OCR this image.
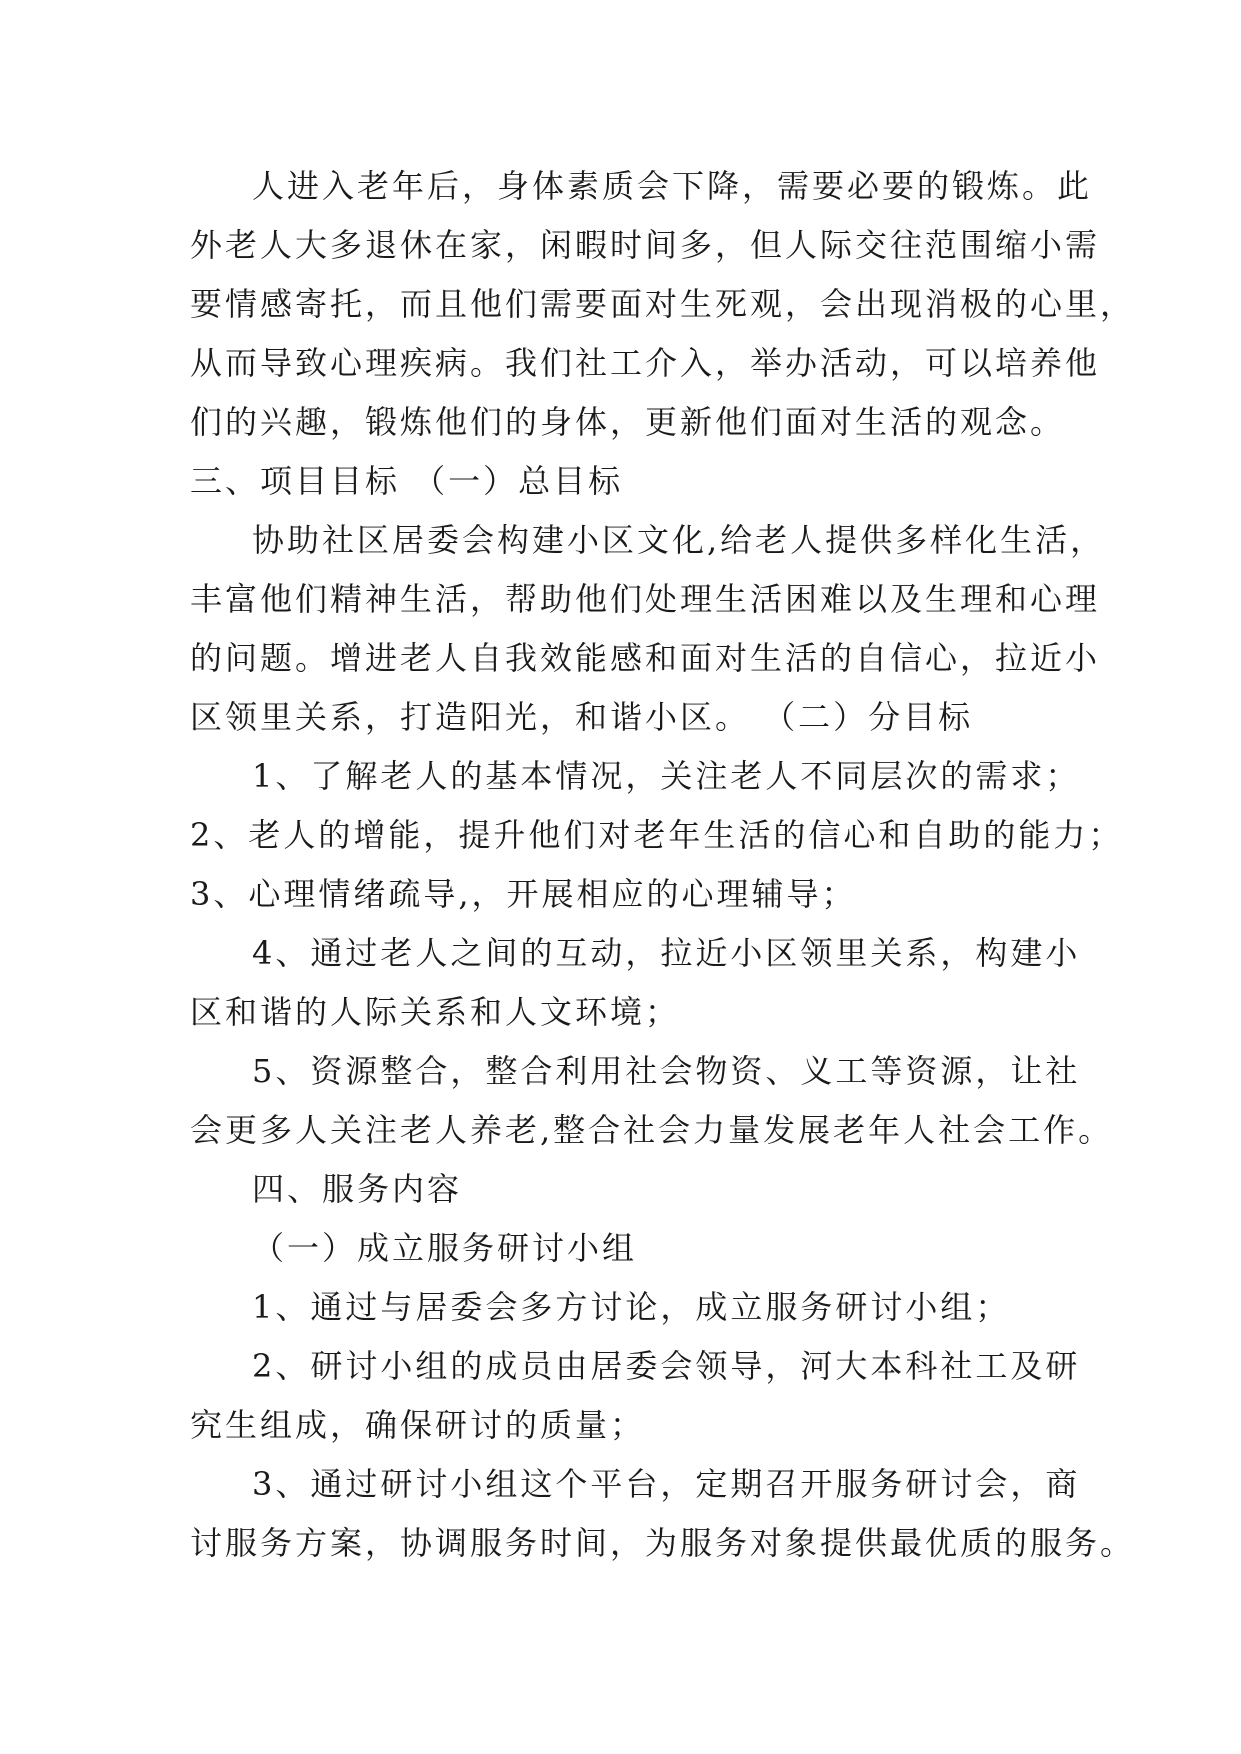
人进入老年后，身体素质会下降，需要必要的锻炼。此
外老人大多退休在家，闲暇时间多，但人际交往范围缩小需
要情感寄托，而且他们需要面对生死观，会出现消极的心里，
从而导致心理疾病。我们社工介入，举办活动，可以培养他
们的兴趣，锻炼他们的身体，更新他们面对生活的观念。
三、项目目标 （一）总目标
协助社区居委会构建小区文化,给老人提供多样化生活，
丰富他们精神生活，帮助他们处理生活困难以及生理和心理
的问题。增进老人自我效能感和面对生活的自信心，拉近小
区领里关系，打造阳光，和谐小区。 （二）分目标
1、了解老人的基本情况，关注老人不同层次的需求；
2、老人的增能，提升他们对老年生活的信心和自助的能力；
3、心理情绪疏导,，开展相应的心理辅导；
4、通过老人之间的互动，拉近小区领里关系，构建小
区和谐的人际关系和人文环境；
5、资源整合，整合利用社会物资、义工等资源，让社
会更多人关注老人养老,整合社会力量发展老年人社会工作。
四、服务内容
（一）成立服务研讨小组
1、通过与居委会多方讨论，成立服务研讨小组；
2、研讨小组的成员由居委会领导，河大本科社工及研
究生组成，确保研讨的质量；
3、通过研讨小组这个平台，定期召开服务研讨会，商
讨服务方案，协调服务时间，为服务对象提供最优质的服务。
